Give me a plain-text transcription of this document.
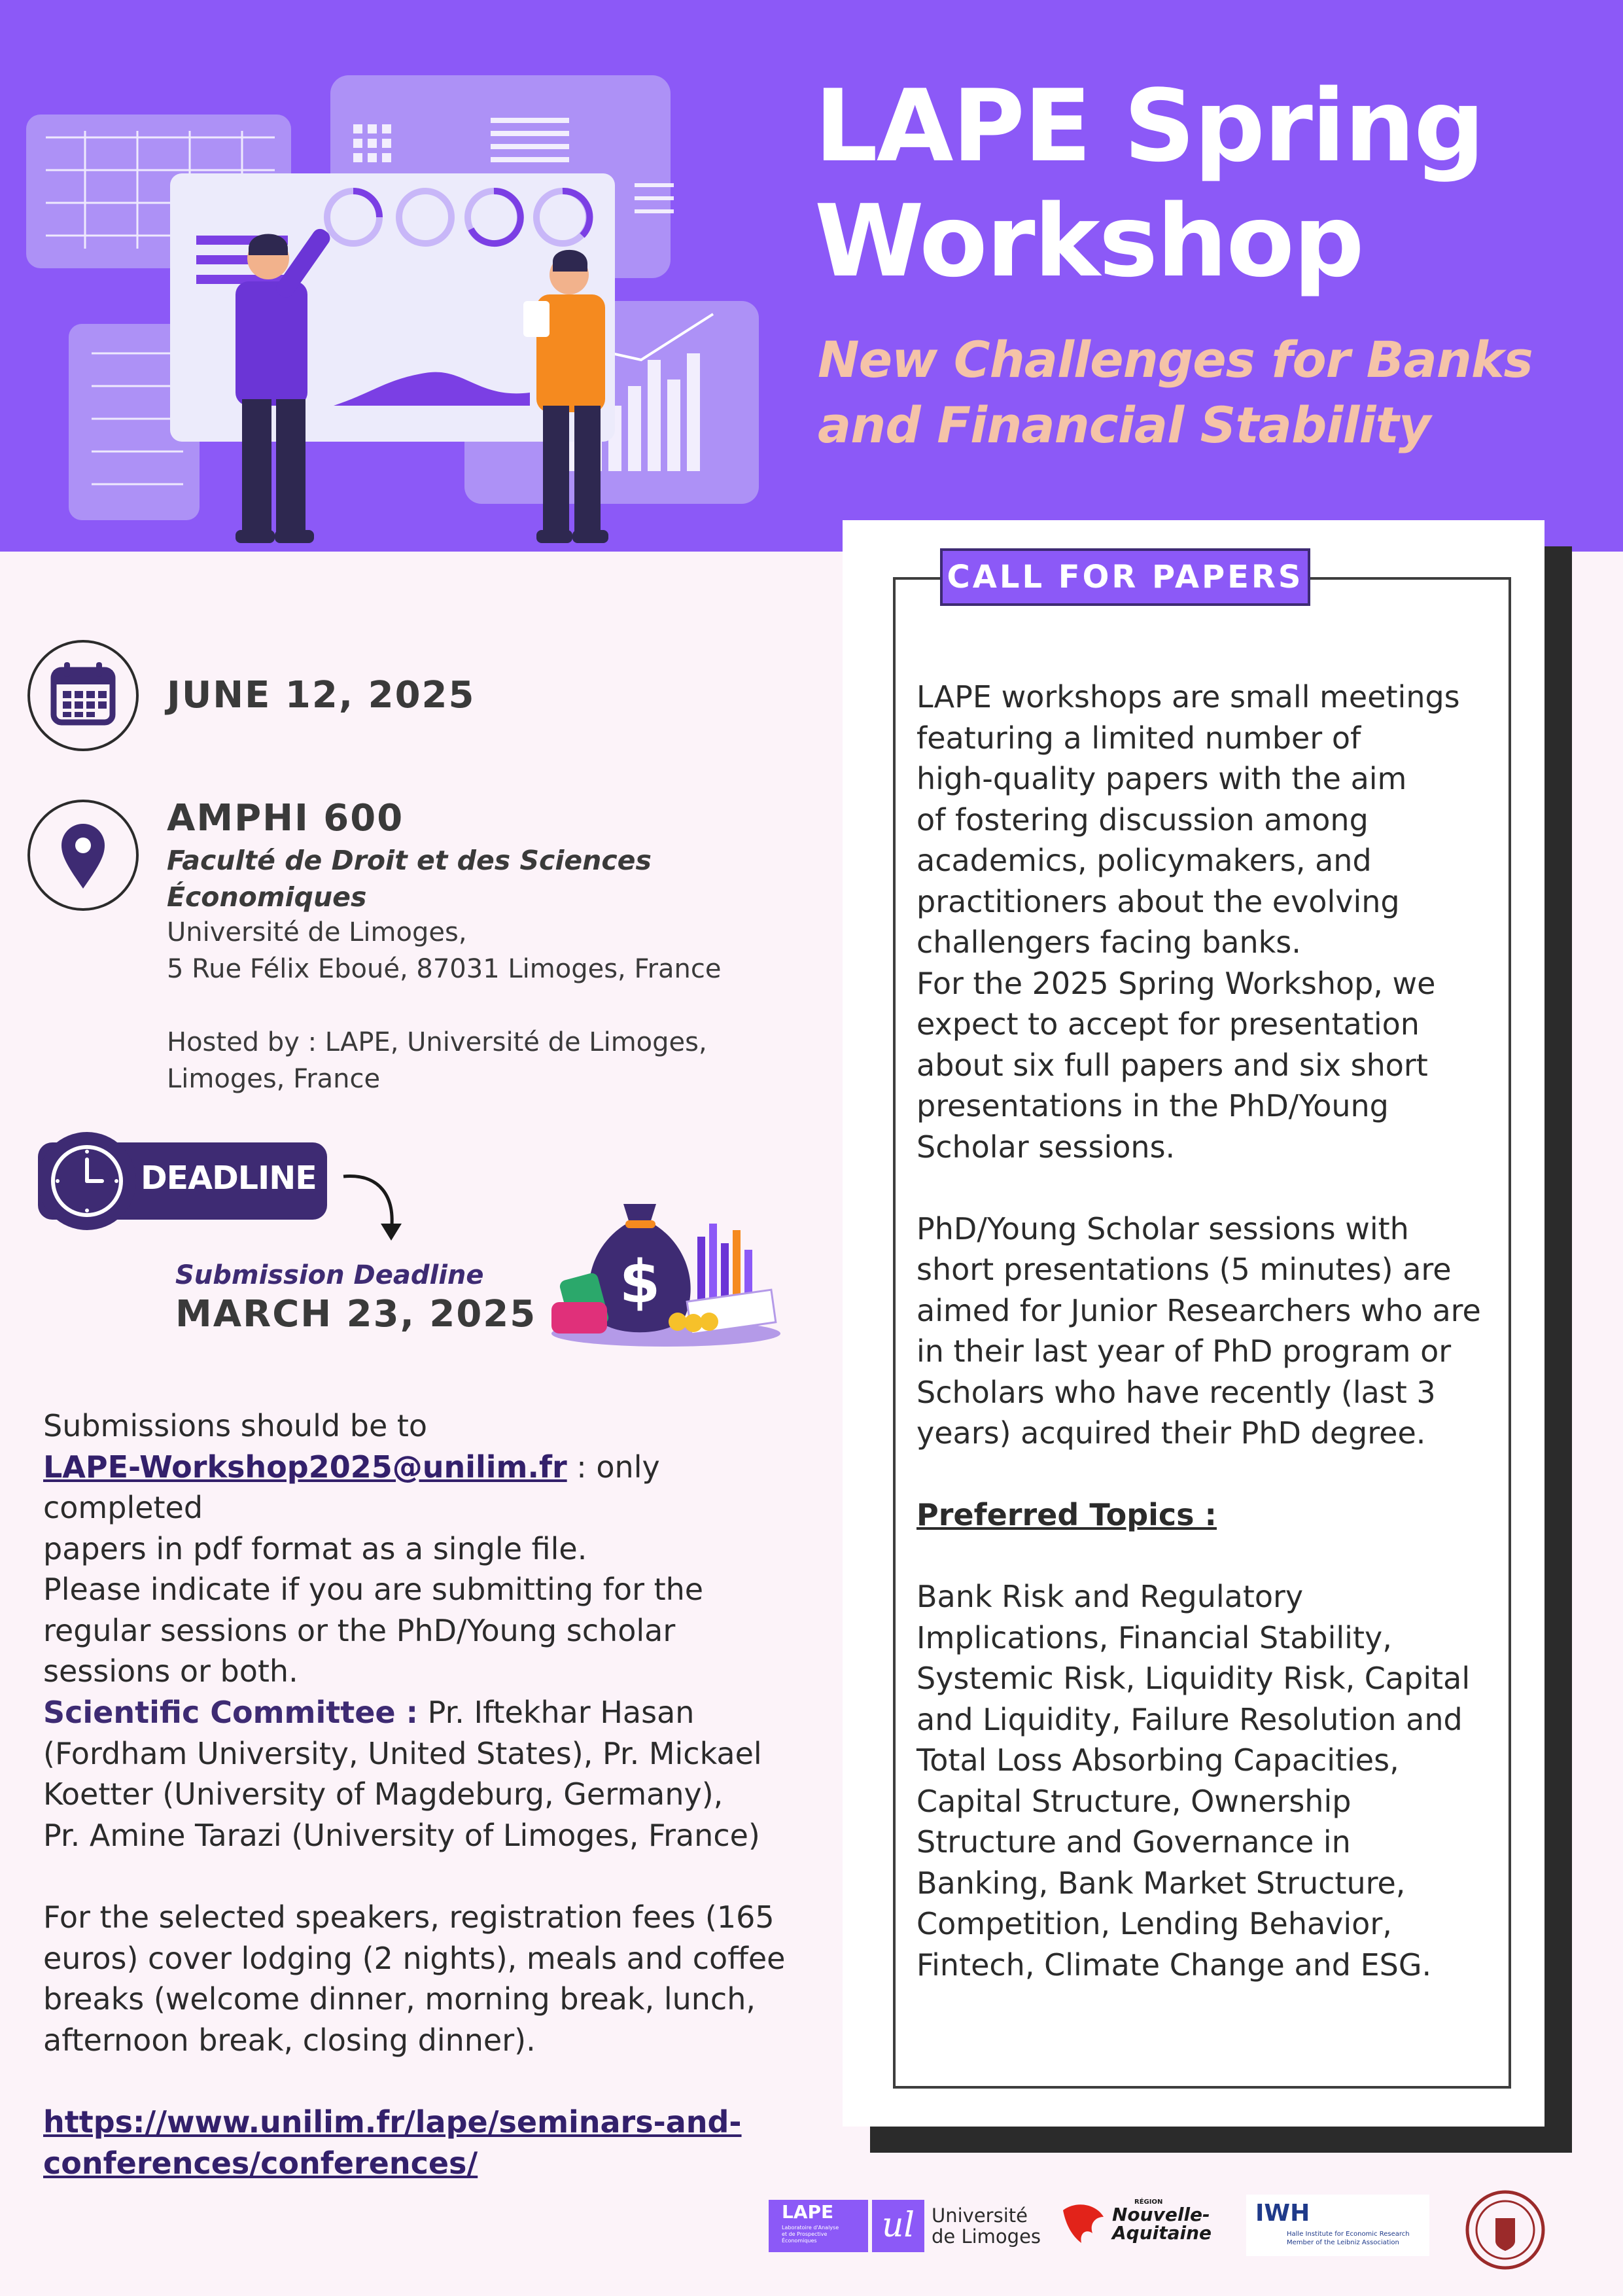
LAPE Spring
Workshop
New Challenges for Banks
and Financial Stability
JUNE 12, 2025
AMPHI 600
Faculté de Droit et des Sciences
Économiques
Université de Limoges,
5 Rue Félix Eboué, 87031 Limoges, France
Hosted by : LAPE, Université de Limoges,
Limoges, France
DEADLINE
Submission Deadline
MARCH 23, 2025 $

Submissions should be to

LAPE-Workshop2025@unilim.fr : only completed

papers in pdf format as a single file.

Please indicate if you are submitting for the

regular sessions or the PhD/Young scholar

sessions or both.

Scientific Committee : Pr. Iftekhar Hasan

(Fordham University, United States), Pr. Mickael

Koetter (University of Magdeburg, Germany),

Pr. Amine Tarazi (University of Limoges, France)

For the selected speakers, registration fees (165

euros) cover lodging (2 nights), meals and coffee

breaks (welcome dinner, morning break, lunch,

afternoon break, closing dinner).

https://www.unilim.fr/lape/seminars-and-

conferences/conferences/

CALL FOR PAPERS

LAPE workshops are small meetings

featuring a limited number of

high-quality papers with the aim

of fostering discussion among

academics, policymakers, and

practitioners about the evolving

challengers facing banks.

For the 2025 Spring Workshop, we

expect to accept for presentation

about six full papers and six short

presentations in the PhD/Young

Scholar sessions.

PhD/Young Scholar sessions with

short presentations (5 minutes) are

aimed for Junior Researchers who are

in their last year of PhD program or

Scholars who have recently (last 3

years) acquired their PhD degree.

Preferred Topics :

Bank Risk and Regulatory

Implications, Financial Stability,

Systemic Risk, Liquidity Risk, Capital

and Liquidity, Failure Resolution and

Total Loss Absorbing Capacities,

Capital Structure, Ownership

Structure and Governance in

Banking, Bank Market Structure,

Competition, Lending Behavior,

Fintech, Climate Change and ESG.

LAPE
Laboratoire d'Analyse
et de Prospective
Économiques	ul Université
de Limoges
RÉGION
Nouvelle-
Aquitaine
IWH
Halle Institute for Economic Research
Member of the Leibniz Association
